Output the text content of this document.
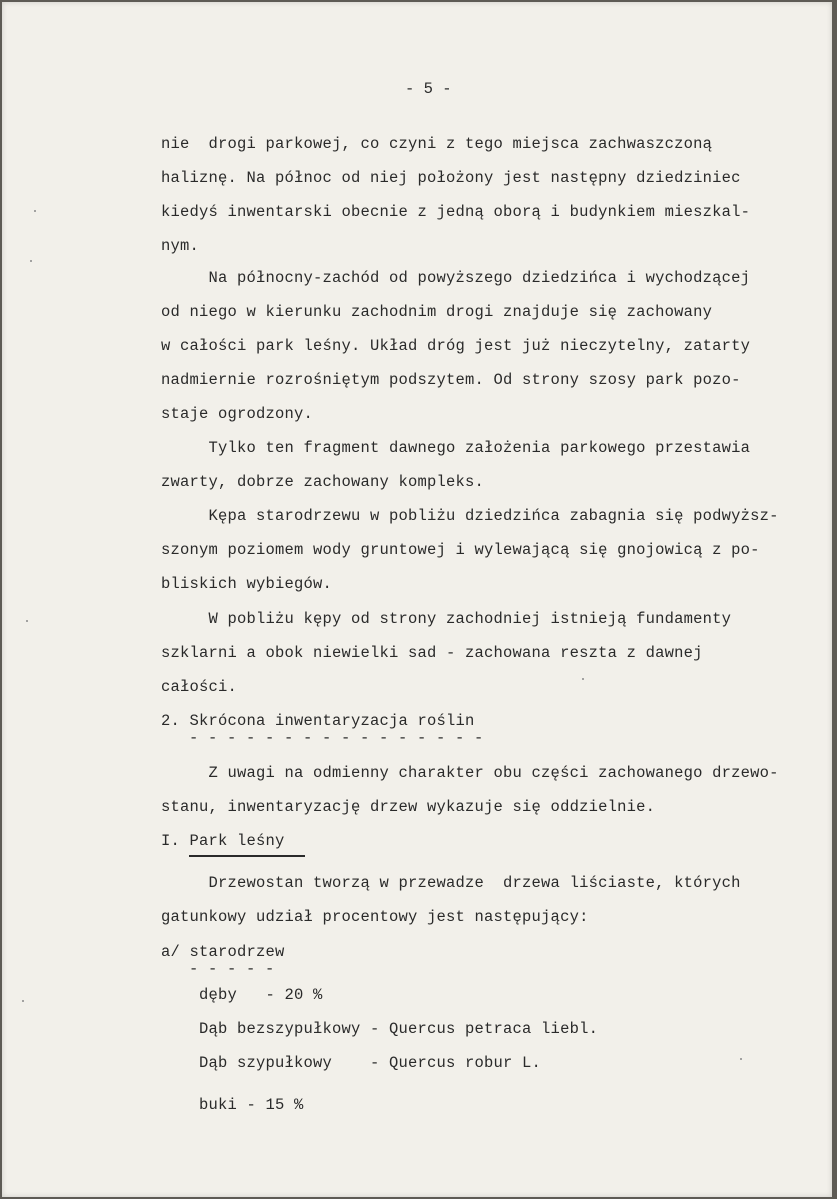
- 5 -
nie  drogi parkowej, co czyni z tego miejsca zachwaszczoną
haliznę. Na północ od niej położony jest następny dziedziniec
kiedyś inwentarski obecnie z jedną oborą i budynkiem mieszkal-
nym.
Na północny-zachód od powyższego dziedzińca i wychodzącej
od niego w kierunku zachodnim drogi znajduje się zachowany
w całości park leśny. Układ dróg jest już nieczytelny, zatarty
nadmiernie rozrośniętym podszytem. Od strony szosy park pozo-
staje ogrodzony.
Tylko ten fragment dawnego założenia parkowego przestawia
zwarty, dobrze zachowany kompleks.
Kępa starodrzewu w pobliżu dziedzińca zabagnia się podwyższ-
szonym poziomem wody gruntowej i wylewającą się gnojowicą z po-
bliskich wybiegów.
W pobliżu kępy od strony zachodniej istnieją fundamenty
szklarni a obok niewielki sad - zachowana reszta z dawnej
całości.
2. Skrócona inwentaryzacja roślin
- - - - - - - - - - - - - - - -
Z uwagi na odmienny charakter obu części zachowanego drzewo-
stanu, inwentaryzację drzew wykazuje się oddzielnie.
I. Park leśny
Drzewostan tworzą w przewadze  drzewa liściaste, których
gatunkowy udział procentowy jest następujący:
a/ starodrzew
- - - - -
dęby   - 20 %
Dąb bezszypułkowy - Quercus petraca liebl.
Dąb szypułkowy    - Quercus robur L.
buki - 15 %
